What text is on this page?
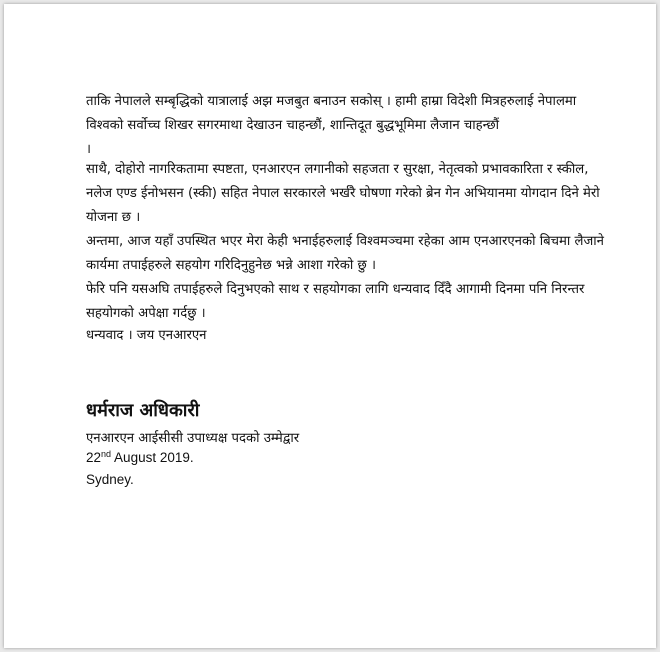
ताकि नेपालले सम्बृद्धिको यात्रालाई अझ मजबुत बनाउन सकोस् । हामी हाम्रा विदेशी मित्रहरुलाई नेपालमा विश्वको सर्वोच्च शिखर सगरमाथा देखाउन चाहन्छौं, शान्तिदूत बुद्धभूमिमा लैजान चाहन्छौं
।
साथै, दोहोरो नागरिकतामा स्पष्टता, एनआरएन लगानीको सहजता र सुरक्षा, नेतृत्वको प्रभावकारिता र स्कील, नलेज एण्ड ईनोभसन (स्की) सहित नेपाल सरकारले भर्खरै घोषणा गरेको ब्रेन गेन अभियानमा योगदान दिने मेरो योजना छ ।
अन्तमा, आज यहाँ उपस्थित भएर मेरा केही भनाईहरुलाई विश्वमञ्चमा रहेका आम एनआरएनको बिचमा लैजाने कार्यमा तपाईहरुले सहयोग गरिदिनुहुनेछ भन्ने आशा गरेको छु ।
फेरि पनि यसअघि तपाईहरुले दिनुभएको साथ र सहयोगका लागि धन्यवाद दिँदै आगामी दिनमा पनि निरन्तर सहयोगको अपेक्षा गर्दछु ।
धन्यवाद । जय एनआरएन
धर्मराज अधिकारी
एनआरएन आईसीसी उपाध्यक्ष पदको उम्मेद्वार
22nd August 2019.
Sydney.
